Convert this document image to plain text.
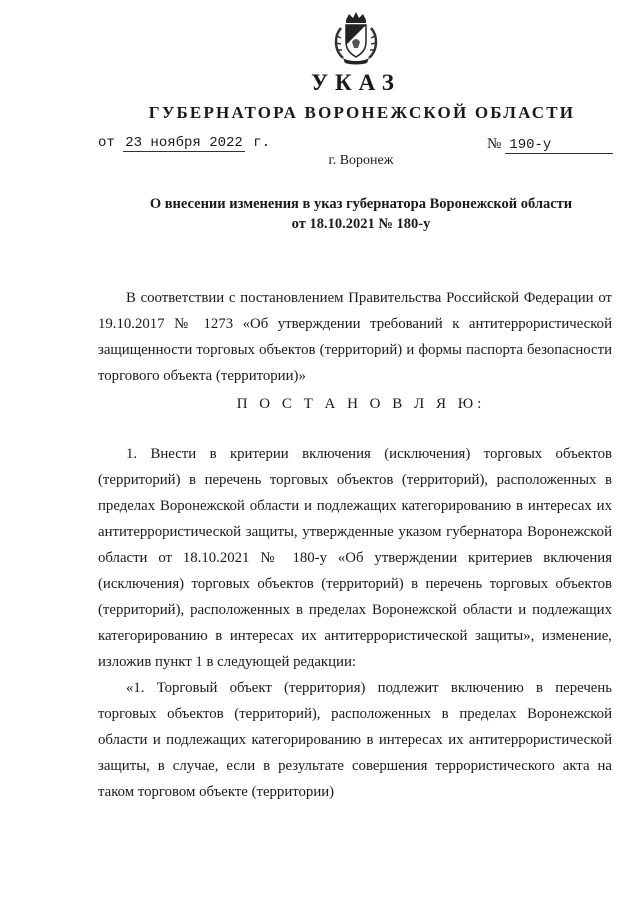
УКАЗ
ГУБЕРНАТОРА ВОРОНЕЖСКОЙ ОБЛАСТИ
от 23 ноября 2022 г.	№ 190-у
г. Воронеж
О внесении изменения в указ губернатора Воронежской области
от 18.10.2021 № 180-у

В соответствии с постановлением Правительства Российской Федерации от 19.10.2017 № 1273 «Об утверждении требований к антитеррористической защищенности торговых объектов (территорий) и формы паспорта безопасности торгового объекта (территории)»

П О С Т А Н О В Л Я Ю:

1. Внести в критерии включения (исключения) торговых объектов (территорий) в перечень торговых объектов (территорий), расположенных в пределах Воронежской области и подлежащих категорированию в интересах их антитеррористической защиты, утвержденные указом губернатора Воронежской области от 18.10.2021 № 180-у «Об утверждении критериев включения (исключения) торговых объектов (территорий) в перечень торговых объектов (территорий), расположенных в пределах Воронежской области и подлежащих категорированию в интересах их антитеррористической защиты», изменение, изложив пункт 1 в следующей редакции:

«1. Торговый объект (территория) подлежит включению в перечень торговых объектов (территорий), расположенных в пределах Воронежской области и подлежащих категорированию в интересах их антитеррористической защиты, в случае, если в результате совершения террористического акта на таком торговом объекте (территории)
